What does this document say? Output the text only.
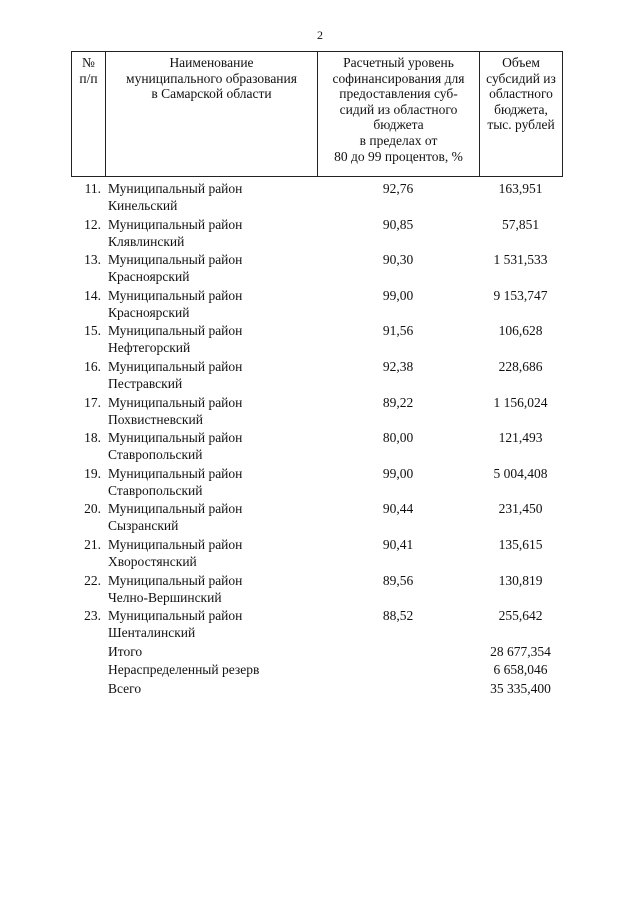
2
№
п/п

Наименование
муниципального образования
в Самарской области

Расчетный уровень
софинансирования для
предоставления суб-
сидий из областного
бюджета
в пределах от
80 до 99 процентов, %

Объем
субсидий из
областного
бюджета,
тыс. рублей
11. Муниципальный район
Кинельский
92,76	163,951
12. Муниципальный район
Клявлинский
90,85	57,851
13. Муниципальный район
Красноярский
90,30	1 531,533
14. Муниципальный район
Красноярский
99,00	9 153,747
15. Муниципальный район
Нефтегорский
91,56	106,628
16. Муниципальный район
Пестравский
92,38	228,686
17. Муниципальный район
Похвистневский
89,22	1 156,024
18. Муниципальный район
Ставропольский
80,00	121,493
19. Муниципальный район
Ставропольский
99,00	5 004,408
20. Муниципальный район
Сызранский
90,44	231,450
21. Муниципальный район
Хворостянский
90,41	135,615
22. Муниципальный район
Челно-Вершинский
89,56	130,819
23. Муниципальный район
Шенталинский
88,52	255,642
Итого	28 677,354
Нераспределенный резерв	6 658,046
Всего	35 335,400
